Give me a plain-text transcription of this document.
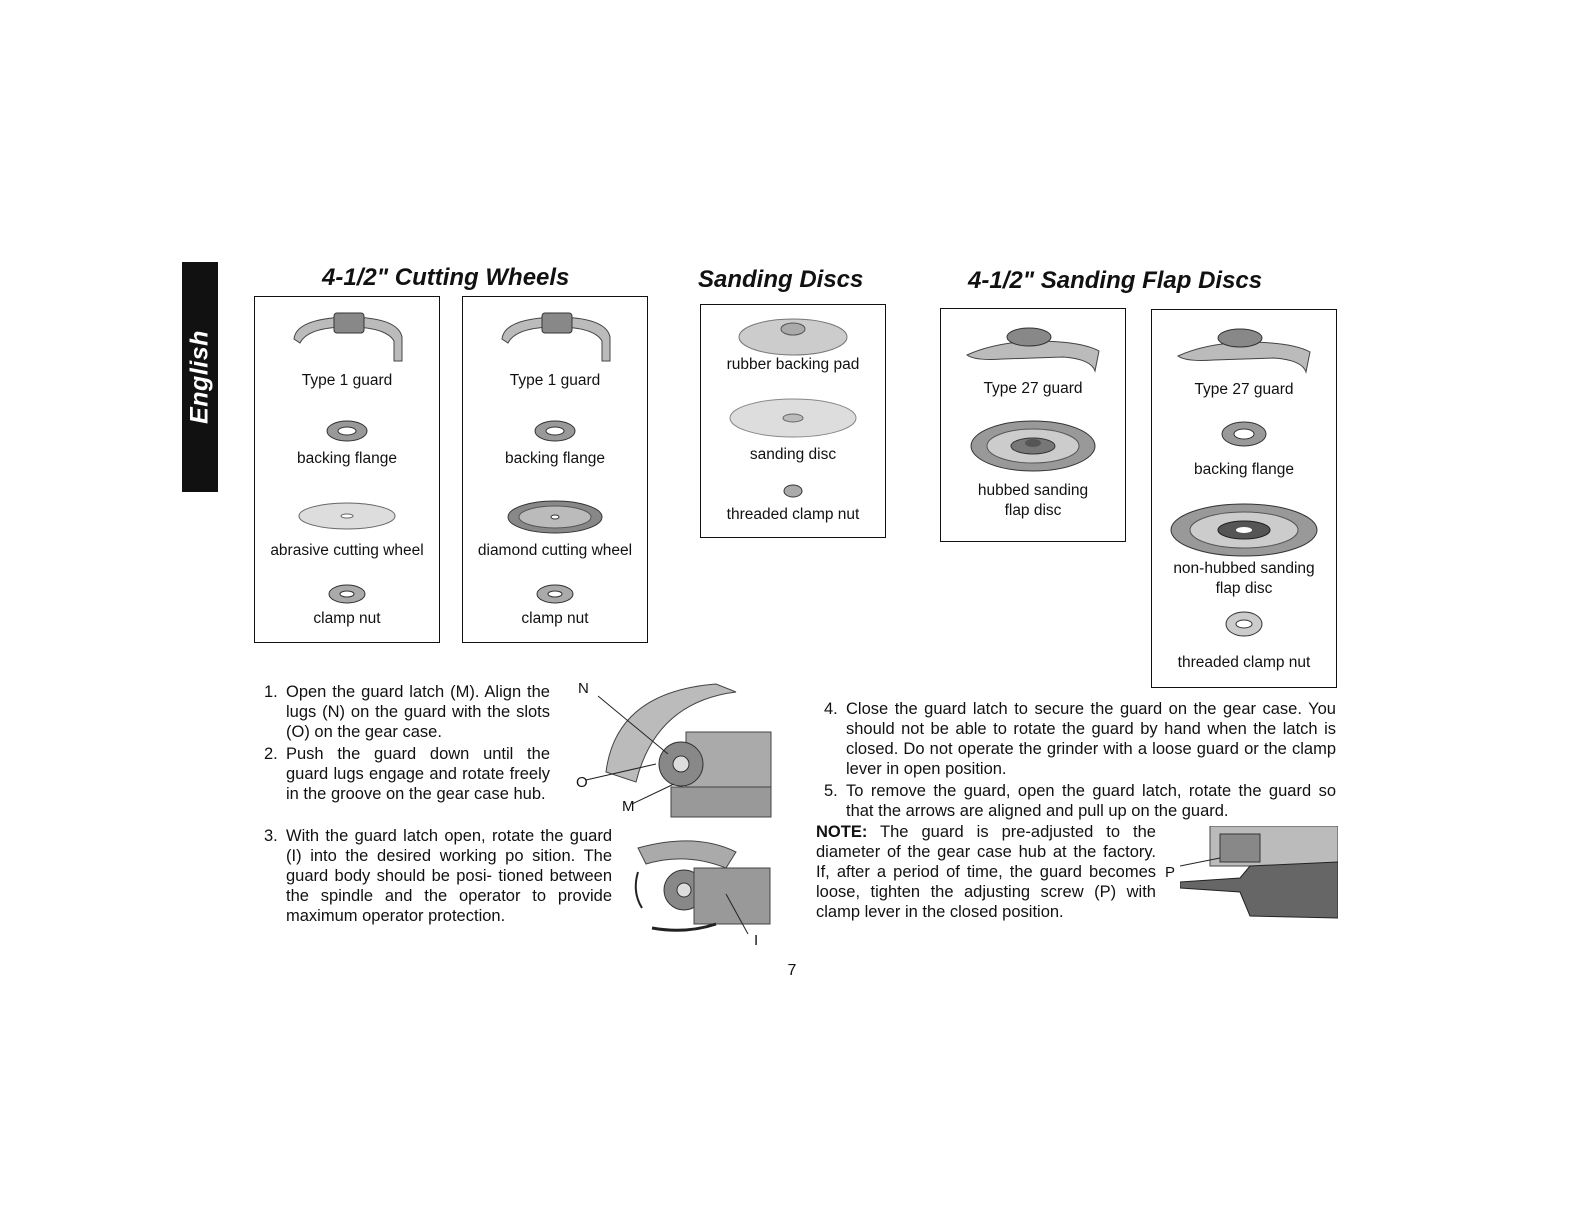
English
4-1/2" Cutting Wheels	Sanding Discs	4-1/2" Sanding Flap Discs
Type 1 guard
backing flange
abrasive cutting wheel
clamp nut
Type 1 guard
backing flange
diamond cutting wheel
clamp nut
rubber backing pad
sanding disc
threaded clamp nut
Type 27 guard
hubbed sanding
flap disc
Type 27 guard
backing flange
non-hubbed sanding
flap disc
threaded clamp nut
1. Open the guard latch (M). Align the lugs (N) on the guard with the slots (O) on the gear case.
2. Push the guard down until the guard lugs engage and rotate freely in the groove on the gear case hub.
3. With the guard latch open, rotate the guard (I) into the desired working po sition. The guard body should be posi- tioned between the spindle and the operator to provide maximum operator protection.
N
O
M
I
4. Close the guard latch to secure the guard on the gear case. You should not be able to rotate the guard by hand when the latch is closed. Do not operate the grinder with a loose guard or the clamp lever in open position.
5. To remove the guard, open the guard latch, rotate the guard so that the arrows are aligned and pull up on the guard.
NOTE: The guard is pre-adjusted to the diameter of the gear case hub at the factory. If, after a period of time, the guard becomes loose, tighten the adjusting screw (P) with clamp lever in the closed position.
P
7
